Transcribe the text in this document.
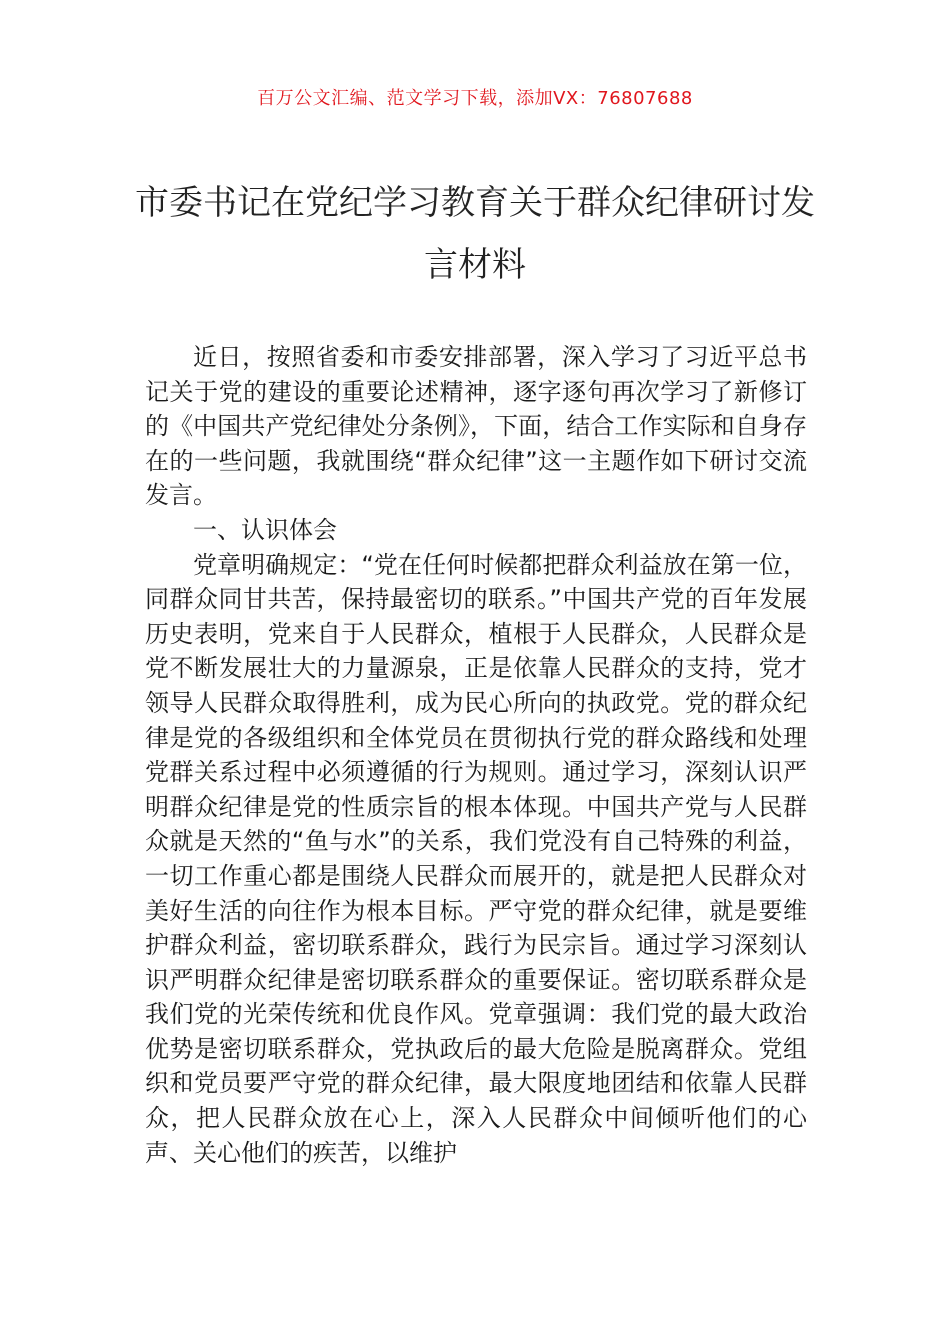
百万公文汇编、范文学习下载，添加VX：76807688
市委书记在党纪学习教育关于群众纪律研讨发言材料

近日，按照省委和市委安排部署，深入学习了习近平总书记关于党的建设的重要论述精神，逐字逐句再次学习了新修订的《中国共产党纪律处分条例》，下面，结合工作实际和自身存在的一些问题，我就围绕“群众纪律”这一主题作如下研讨交流发言。

一、认识体会

党章明确规定：“党在任何时候都把群众利益放在第一位，同群众同甘共苦，保持最密切的联系。”中国共产党的百年发展历史表明，党来自于人民群众，植根于人民群众，人民群众是党不断发展壮大的力量源泉，正是依靠人民群众的支持，党才领导人民群众取得胜利，成为民心所向的执政党。党的群众纪律是党的各级组织和全体党员在贯彻执行党的群众路线和处理党群关系过程中必须遵循的行为规则。通过学习，深刻认识严明群众纪律是党的性质宗旨的根本体现。中国共产党与人民群众就是天然的“鱼与水”的关系，我们党没有自己特殊的利益，一切工作重心都是围绕人民群众而展开的，就是把人民群众对美好生活的向往作为根本目标。严守党的群众纪律，就是要维护群众利益，密切联系群众，践行为民宗旨。通过学习深刻认识严明群众纪律是密切联系群众的重要保证。密切联系群众是我们党的光荣传统和优良作风。党章强调：我们党的最大政治优势是密切联系群众，党执政后的最大危险是脱离群众。党组织和党员要严守党的群众纪律，最大限度地团结和依靠人民群众，把人民群众放在心上，深入人民群众中间倾听他们的心声、关心他们的疾苦，以维护
